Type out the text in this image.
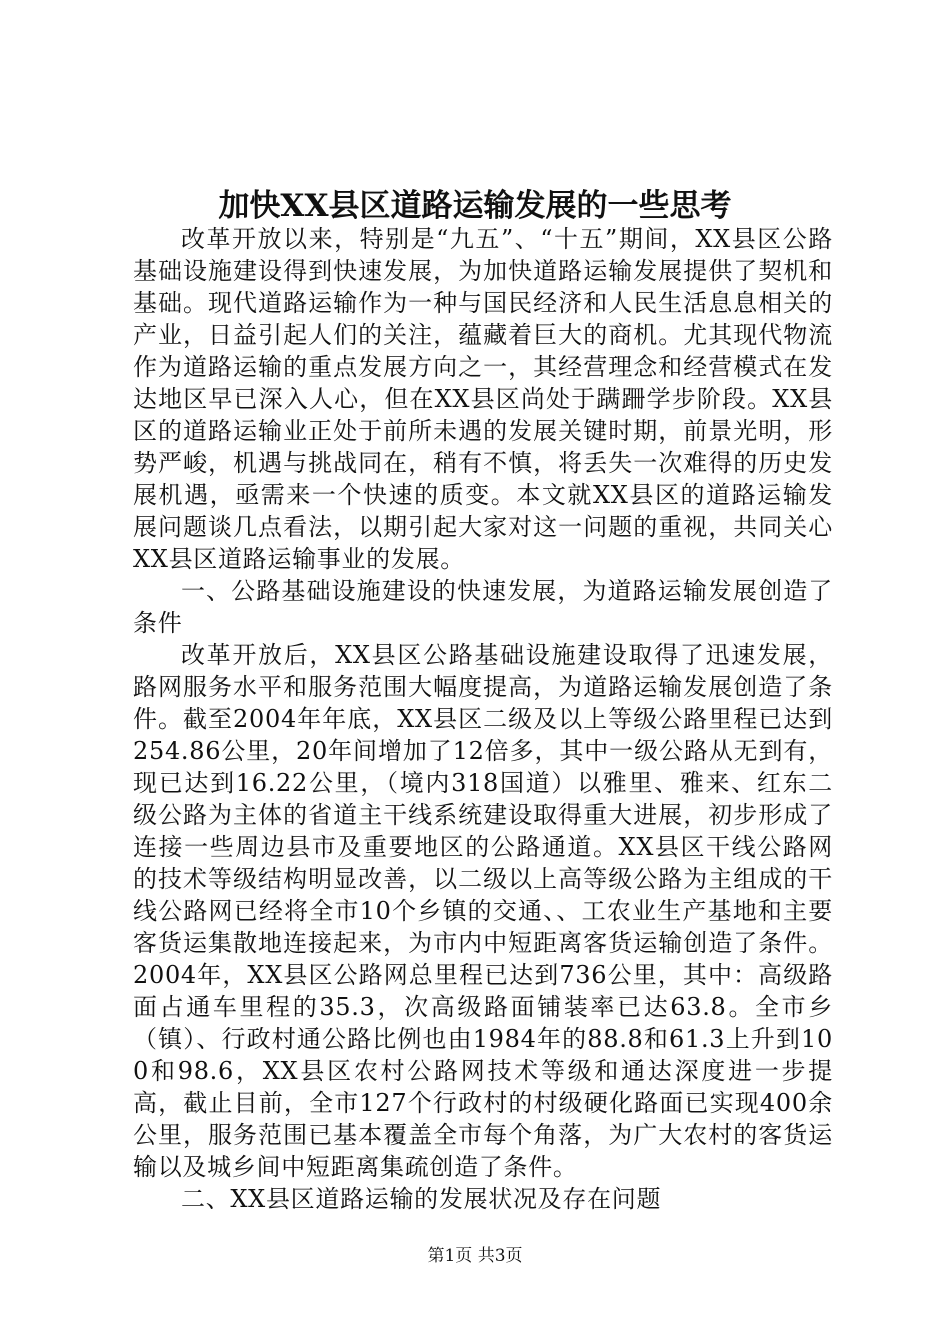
加快XX县区道路运输发展的一些思考

改革开放以来，特别是“九五”、“十五”期间，XX县区公路基础设施建设得到快速发展，为加快道路运输发展提供了契机和基础。现代道路运输作为一种与国民经济和人民生活息息相关的产业，日益引起人们的关注，蕴藏着巨大的商机。尤其现代物流作为道路运输的重点发展方向之一，其经营理念和经营模式在发达地区早已深入人心，但在XX县区尚处于蹒跚学步阶段。XX县区的道路运输业正处于前所未遇的发展关键时期，前景光明，形势严峻，机遇与挑战同在，稍有不慎，将丢失一次难得的历史发展机遇，亟需来一个快速的质变。本文就XX县区的道路运输发展问题谈几点看法，以期引起大家对这一问题的重视，共同关心XX县区道路运输事业的发展。

一、公路基础设施建设的快速发展，为道路运输发展创造了条件

改革开放后，XX县区公路基础设施建设取得了迅速发展，路网服务水平和服务范围大幅度提高，为道路运输发展创造了条件。截至2004年年底，XX县区二级及以上等级公路里程已达到254.86公里，20年间增加了12倍多，其中一级公路从无到有，现已达到16.22公里，（境内318国道）以雅里、雅来、红东二级公路为主体的省道主干线系统建设取得重大进展，初步形成了连接一些周边县市及重要地区的公路通道。XX县区干线公路网的技术等级结构明显改善，以二级以上高等级公路为主组成的干线公路网已经将全市10个乡镇的交通、、工农业生产基地和主要客货运集散地连接起来，为市内中短距离客货运输创造了条件。2004年，XX县区公路网总里程已达到736公里，其中：高级路面占通车里程的35.3，次高级路面铺装率已达63.8。全市乡（镇）、行政村通公路比例也由1984年的88.8和61.3上升到100和98.6，XX县区农村公路网技术等级和通达深度进一步提高，截止目前，全市127个行政村的村级硬化路面已实现400余公里，服务范围已基本覆盖全市每个角落，为广大农村的客货运输以及城乡间中短距离集疏创造了条件。

二、XX县区道路运输的发展状况及存在问题

第1页 共3页
